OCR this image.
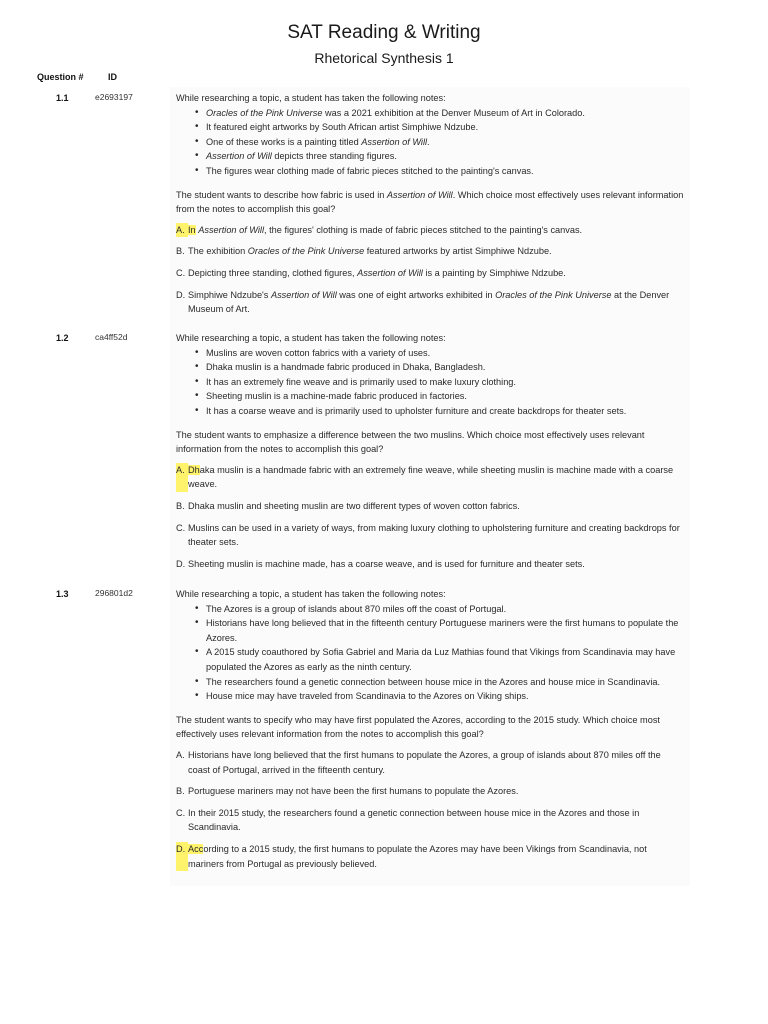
SAT Reading & Writing
Rhetorical Synthesis 1
Question #	ID
1.1	e2693197	While researching a topic, a student has taken the following notes:

• Oracles of the Pink Universe was a 2021 exhibition at the Denver Museum of Art in Colorado.
• It featured eight artworks by South African artist Simphiwe Ndzube.
• One of these works is a painting titled Assertion of Will.
• Assertion of Will depicts three standing figures.
• The figures wear clothing made of fabric pieces stitched to the painting's canvas.

The student wants to describe how fabric is used in Assertion of Will. Which choice most effectively uses relevant information from the notes to accomplish this goal?

A. In Assertion of Will, the figures' clothing is made of fabric pieces stitched to the painting's canvas.
B. The exhibition Oracles of the Pink Universe featured artworks by artist Simphiwe Ndzube.
C. Depicting three standing, clothed figures, Assertion of Will is a painting by Simphiwe Ndzube.
D. Simphiwe Ndzube's Assertion of Will was one of eight artworks exhibited in Oracles of the Pink Universe at the Denver Museum of Art.
1.2	ca4ff52d	While researching a topic, a student has taken the following notes:

• Muslins are woven cotton fabrics with a variety of uses.
• Dhaka muslin is a handmade fabric produced in Dhaka, Bangladesh.
• It has an extremely fine weave and is primarily used to make luxury clothing.
• Sheeting muslin is a machine-made fabric produced in factories.
• It has a coarse weave and is primarily used to upholster furniture and create backdrops for theater sets.

The student wants to emphasize a difference between the two muslins. Which choice most effectively uses relevant information from the notes to accomplish this goal?

A. Dhaka muslin is a handmade fabric with an extremely fine weave, while sheeting muslin is machine made with a coarse weave.
B. Dhaka muslin and sheeting muslin are two different types of woven cotton fabrics.
C. Muslins can be used in a variety of ways, from making luxury clothing to upholstering furniture and creating backdrops for theater sets.
D. Sheeting muslin is machine made, has a coarse weave, and is used for furniture and theater sets.
1.3	296801d2	While researching a topic, a student has taken the following notes:

• The Azores is a group of islands about 870 miles off the coast of Portugal.
• Historians have long believed that in the fifteenth century Portuguese mariners were the first humans to populate the Azores.
• A 2015 study coauthored by Sofia Gabriel and Maria da Luz Mathias found that Vikings from Scandinavia may have populated the Azores as early as the ninth century.
• The researchers found a genetic connection between house mice in the Azores and house mice in Scandinavia.
• House mice may have traveled from Scandinavia to the Azores on Viking ships.

The student wants to specify who may have first populated the Azores, according to the 2015 study. Which choice most effectively uses relevant information from the notes to accomplish this goal?

A. Historians have long believed that the first humans to populate the Azores, a group of islands about 870 miles off the coast of Portugal, arrived in the fifteenth century.
B. Portuguese mariners may not have been the first humans to populate the Azores.
C. In their 2015 study, the researchers found a genetic connection between house mice in the Azores and those in Scandinavia.
D. According to a 2015 study, the first humans to populate the Azores may have been Vikings from Scandinavia, not mariners from Portugal as previously believed.
